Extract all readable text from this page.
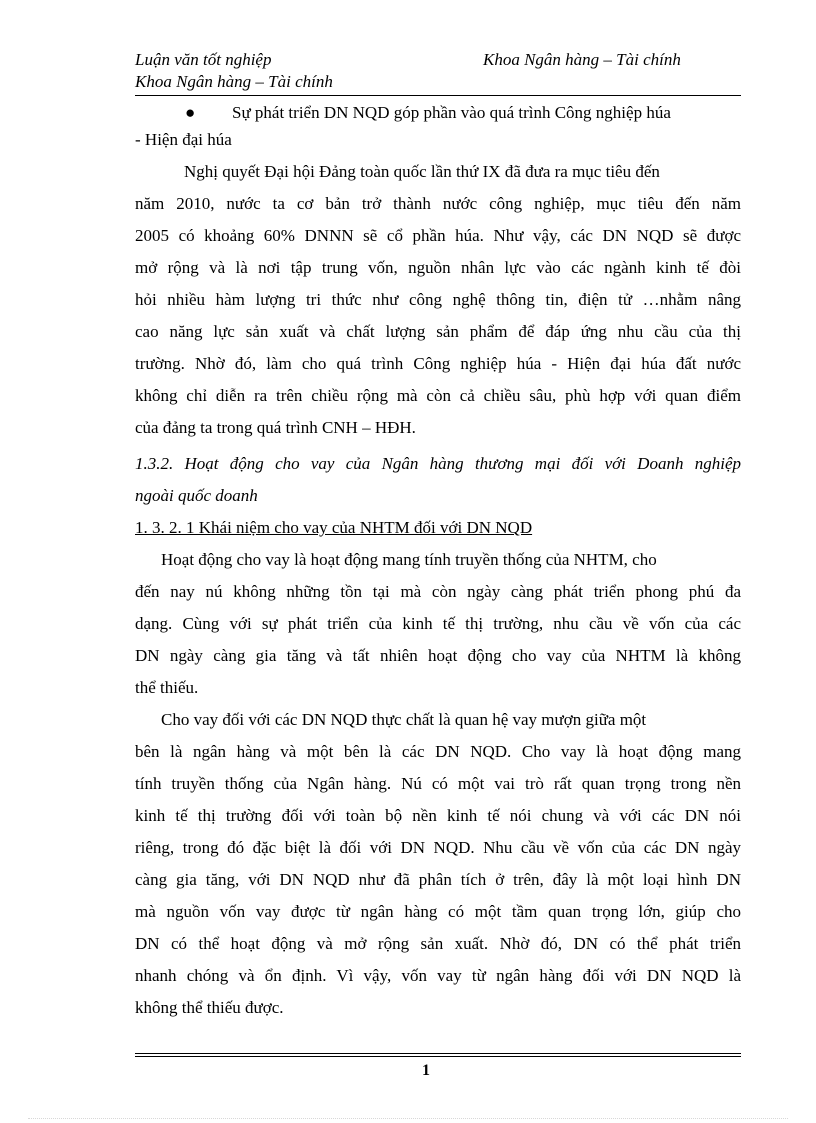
Luận văn tốt nghiệp	Khoa Ngân hàng – Tài chính
Khoa Ngân hàng – Tài chính
● Sự phát triển DN NQD góp phần vào quá trình Công nghiệp húa
- Hiện đại húa
Nghị quyết Đại hội Đảng toàn quốc lần thứ IX đã đưa ra mục tiêu đến
năm 2010, nước ta cơ bản trở thành nước công nghiệp, mục tiêu đến năm
2005 có khoảng 60% DNNN sẽ cổ phần húa. Như vậy, các DN NQD sẽ được
mở rộng và là nơi tập trung vốn, nguồn nhân lực vào các ngành kinh tế đòi
hỏi nhiều hàm lượng tri thức như công nghệ thông tin, điện tử …nhằm nâng
cao năng lực sản xuất và chất lượng sản phẩm để đáp ứng nhu cầu của thị
trường. Nhờ đó, làm cho quá trình Công nghiệp húa - Hiện đại húa đất nước
không chỉ diễn ra trên chiều rộng mà còn cả chiều sâu, phù hợp với quan điểm
của đảng ta trong quá trình CNH – HĐH.
1.3.2. Hoạt động cho vay của Ngân hàng thương mại đối với Doanh nghiệp
ngoài quốc doanh
1. 3. 2. 1 Khái niệm cho vay của NHTM đối với DN NQD
Hoạt động cho vay là hoạt động mang tính truyền thống của NHTM, cho
đến nay nú không những tồn tại mà còn ngày càng phát triển phong phú đa
dạng. Cùng với sự phát triển của kinh tế thị trường, nhu cầu về vốn của các
DN ngày càng gia tăng và tất nhiên hoạt động cho vay của NHTM là không
thể thiếu.
Cho vay đối với các DN NQD thực chất là quan hệ vay mượn giữa một
bên là ngân hàng và một bên là các DN NQD. Cho vay là hoạt động mang
tính truyền thống của Ngân hàng. Nú có một vai trò rất quan trọng trong nền
kinh tế thị trường đối với toàn bộ nền kinh tế nói chung và với các DN nói
riêng, trong đó đặc biệt là đối với DN NQD. Nhu cầu về vốn của các DN ngày
càng gia tăng, với DN NQD như đã phân tích ở trên, đây là một loại hình DN
mà nguồn vốn vay được từ ngân hàng có một tầm quan trọng lớn, giúp cho
DN có thể hoạt động và mở rộng sản xuất. Nhờ đó, DN có thể phát triển
nhanh chóng và ổn định. Vì vậy, vốn vay từ ngân hàng đối với DN NQD là
không thể thiếu được.
1
